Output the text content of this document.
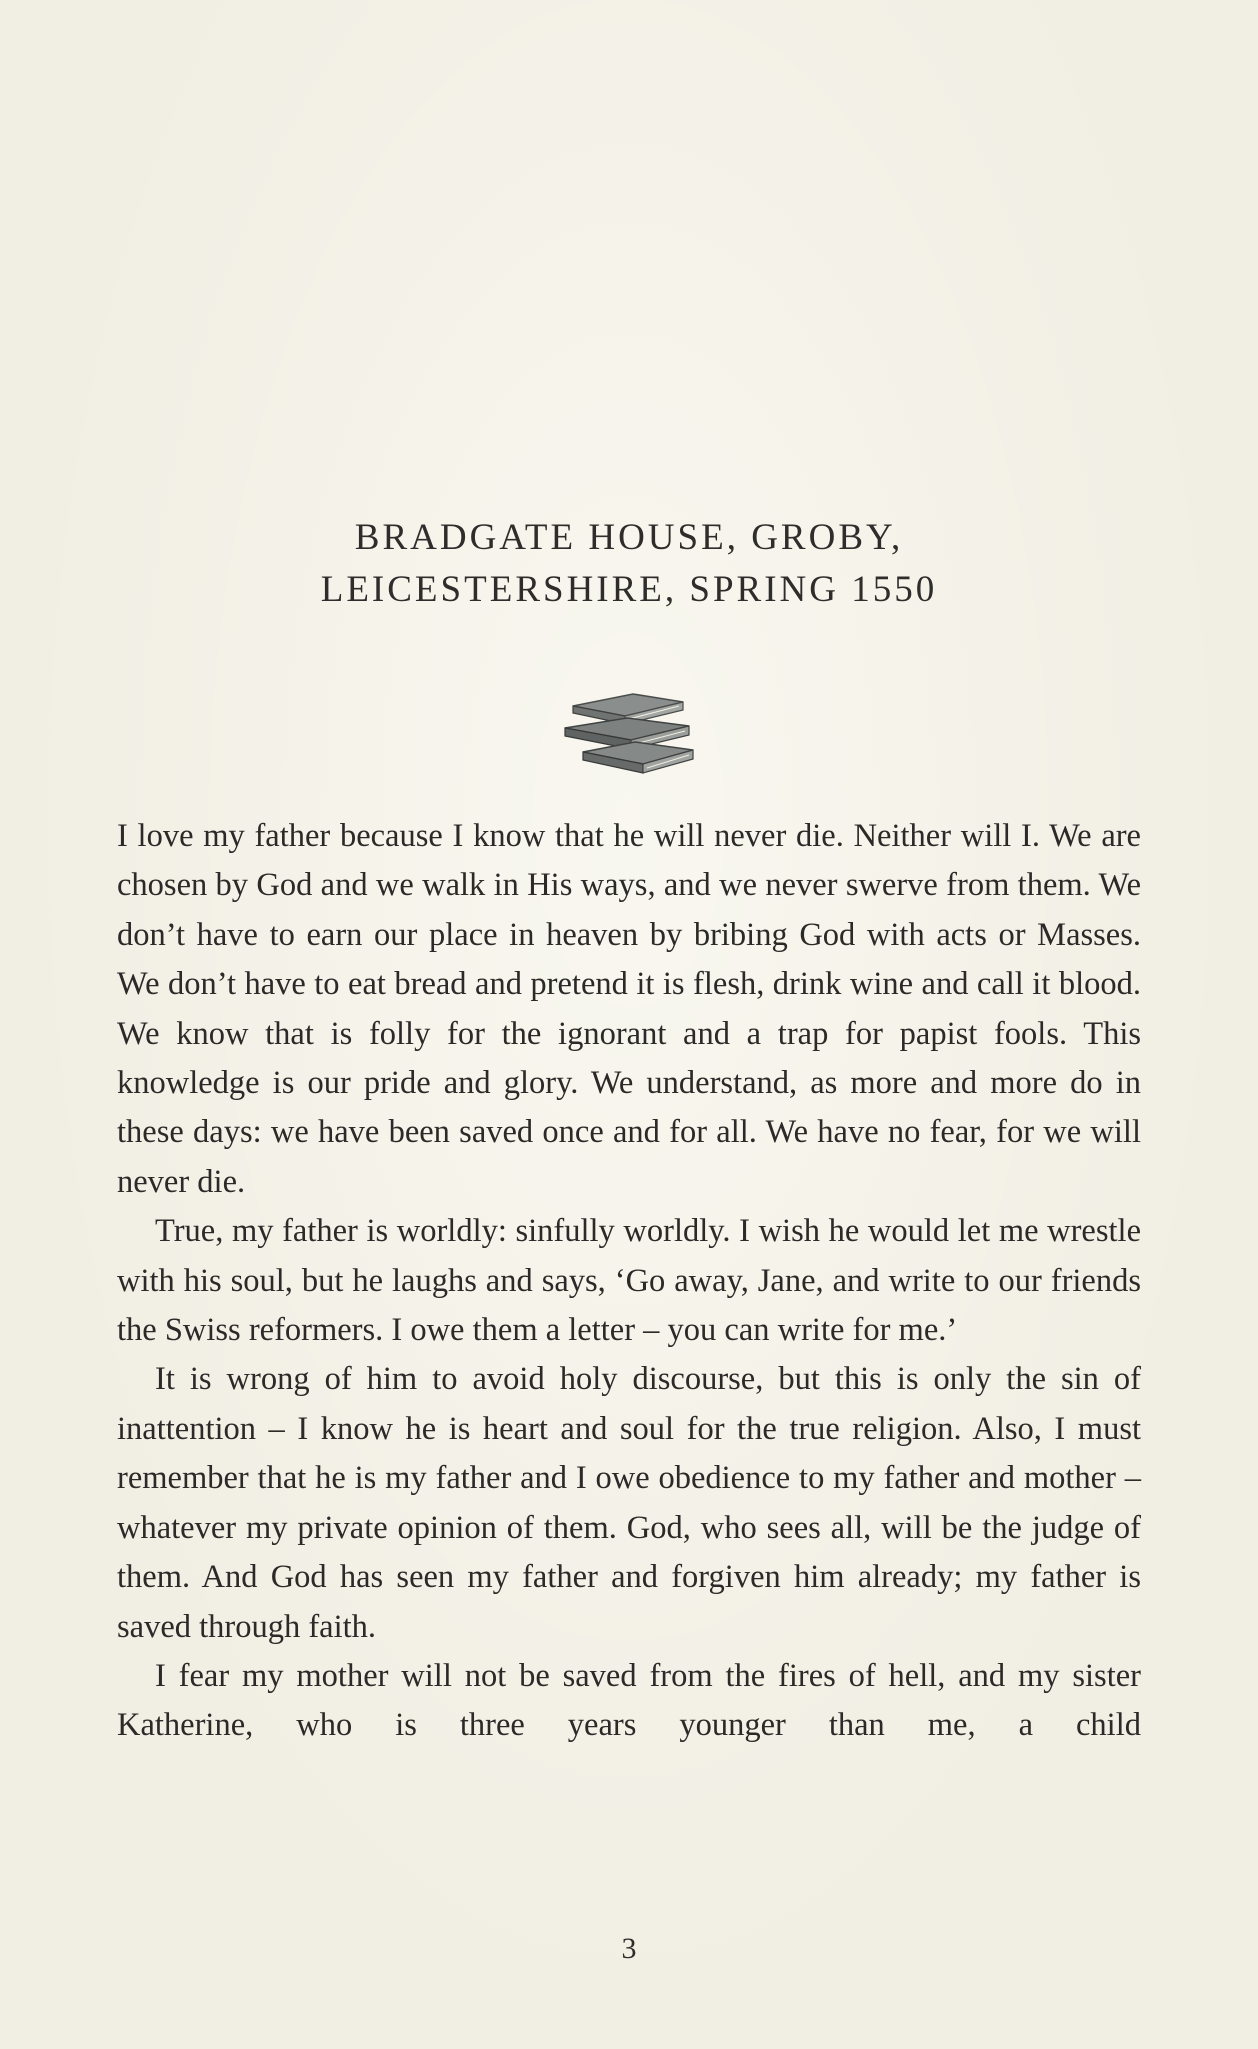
BRADGATE HOUSE, GROBY,
LEICESTERSHIRE, SPRING 1550

I love my father because I know that he will never die. Neither will I. We are chosen by God and we walk in His ways, and we never swerve from them. We don’t have to earn our place in heaven by bribing God with acts or Masses. We don’t have to eat bread and pretend it is flesh, drink wine and call it blood. We know that is folly for the ignorant and a trap for papist fools. This knowledge is our pride and glory. We understand, as more and more do in these days: we have been saved once and for all. We have no fear, for we will never die.

True, my father is worldly: sinfully worldly. I wish he would let me wrestle with his soul, but he laughs and says, ‘Go away, Jane, and write to our friends the Swiss reformers. I owe them a letter – you can write for me.’

It is wrong of him to avoid holy discourse, but this is only the sin of inattention – I know he is heart and soul for the true religion. Also, I must remember that he is my father and I owe obedience to my father and mother – whatever my private opinion of them. God, who sees all, will be the judge of them. And God has seen my father and forgiven him already; my father is saved through faith.

I fear my mother will not be saved from the fires of hell, and my sister Katherine, who is three years younger than me, a child

3
